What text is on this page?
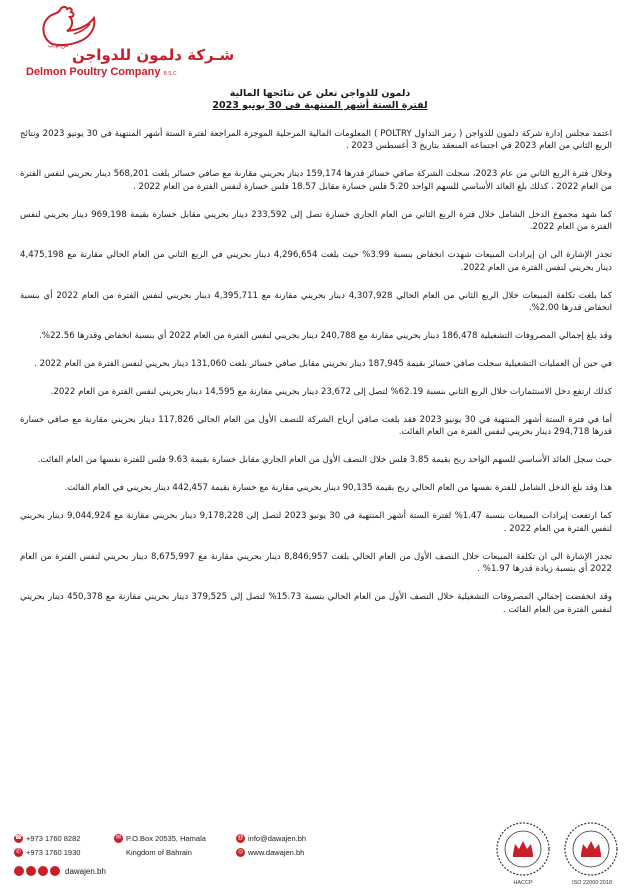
ش.م.ب
شـركة دلمون للدواجن
Delmon Poultry Company B.S.C
دلمون للدواجن تعلن عن نتائجها المالية
لفترة الستة أشهر المنتهية في 30 يونيو 2023

اعتمد مجلس إدارة شركة دلمون للدواجن ( رمز التداول POLTRY ) المعلومات المالية المرحلية الموجزة المراجعة لفترة الستة أشهر المنتهية في 30 يونيو 2023 ونتائج الربع الثاني من العام 2023 في اجتماعه المنعقد بتاريخ 3 أغسطس 2023 .

وخلال فترة الربع الثاني من عام 2023، سجلت الشركة صافي خسائر قدرها 159,174 دينار بحريني مقارنة مع صافي خسائر بلغت 568,201 دينار بحريني لنفس الفترة من العام 2022 ، كذلك بلغ العائد الأساسي للسهم الواحد 5.20 فلس خسارة مقابل 18.57 فلس خسارة لنفس الفترة من العام 2022 .

كما شهد مجموع الدخل الشامل خلال فترة الربع الثاني من العام الجاري خسارة تصل إلى 233,592 دينار بحريني مقابل خسارة بقيمة 969,198 دينار بحريني لنفس الفترة من العام 2022.

تجدر الإشارة الى ان إيرادات المبيعات شهدت انخفاض بنسبة 3.99% حيث بلغت 4,296,654 دينار بحريني في الربع الثاني من العام الحالي مقارنة مع 4,475,198 دينار بحريني لنفس الفترة من العام 2022.

كما بلغت تكلفة المبيعات خلال الربع الثاني من العام الحالي 4,307,928 دينار بحريني مقارنة مع 4,395,711 دينار بحريني لنفس الفترة من العام 2022 أي بنسبة انخفاض قدرها 2.00%.

وقد بلغ إجمالي المصروفات التشغيلية 186,478 دينار بحريني مقارنة مع 240,788 دينار بحريني لنفس الفترة من العام 2022 أي بنسبة انخفاض وقدرها 22.56%.

في حين أن العمليات التشغيلية سجلت صافي خسائر بقيمة 187,945 دينار بحريني مقابل صافي خسائر بلغت 131,060 دينار بحريني لنفس الفترة من العام 2022 .

كذلك ارتفع دخل الاستثمارات خلال الربع الثاني بنسبة 62.19% لتصل إلى 23,672 دينار بحريني مقارنة مع 14,595 دينار بحريني لنفس الفترة من العام 2022.

أما في فترة الستة أشهر المنتهية في 30 يونيو 2023 فقد بلغت صافي أرباح الشركة للنصف الأول من العام الحالي 117,826 دينار بحريني مقارنة مع صافي خسارة قدرها 294,718 دينار بحريني لنفس الفترة من العام الفائت.

حيث سجل العائد الأساسي للسهم الواحد ربح بقيمة 3.85 فلس خلال النصف الأول من العام الجاري مقابل خسارة بقيمة 9.63 فلس للفترة نفسها من العام الفائت.

هذا وقد بلغ الدخل الشامل للفترة نفسها من العام الحالي ربح بقيمة 90,135 دينار بحريني مقارنة مع خسارة بقيمة 442,457 دينار بحريني في العام الفائت.

كما ارتفعت إيرادات المبيعات بنسبة 1.47% لفترة الستة أشهر المنتهية في 30 يونيو 2023 لتصل إلى 9,178,228 دينار بحريني مقارنة مع 9,044,924 دينار بحريني لنفس الفترة من العام 2022 .

تجدر الإشارة الى ان تكلفة المبيعات خلال النصف الأول من العام الحالي بلغت 8,846,957 دينار بحريني مقارنة مع 8,675,997 دينار بحريني لنفس الفترة من العام 2022 أي بنسبة زيادة قدرها 1.97% .

وقد انخفضت إجمالي المصروفات التشغيلية خلال النصف الأول من العام الحالي بنسبة 15.73% لتصل إلى 379,525 دينار بحريني مقارنة مع 450,378 دينار بحريني لنفس الفترة من العام الفائت .

☎ +973 1760 8282
✆ +973 1760 1930
✉ P.O.Box 20535, Hamala
Kingdom of Bahrain
@ info@dawajen.bh
◎ www.dawajen.bh
dawajen.bh
HACCP	ISO 22000:2018
